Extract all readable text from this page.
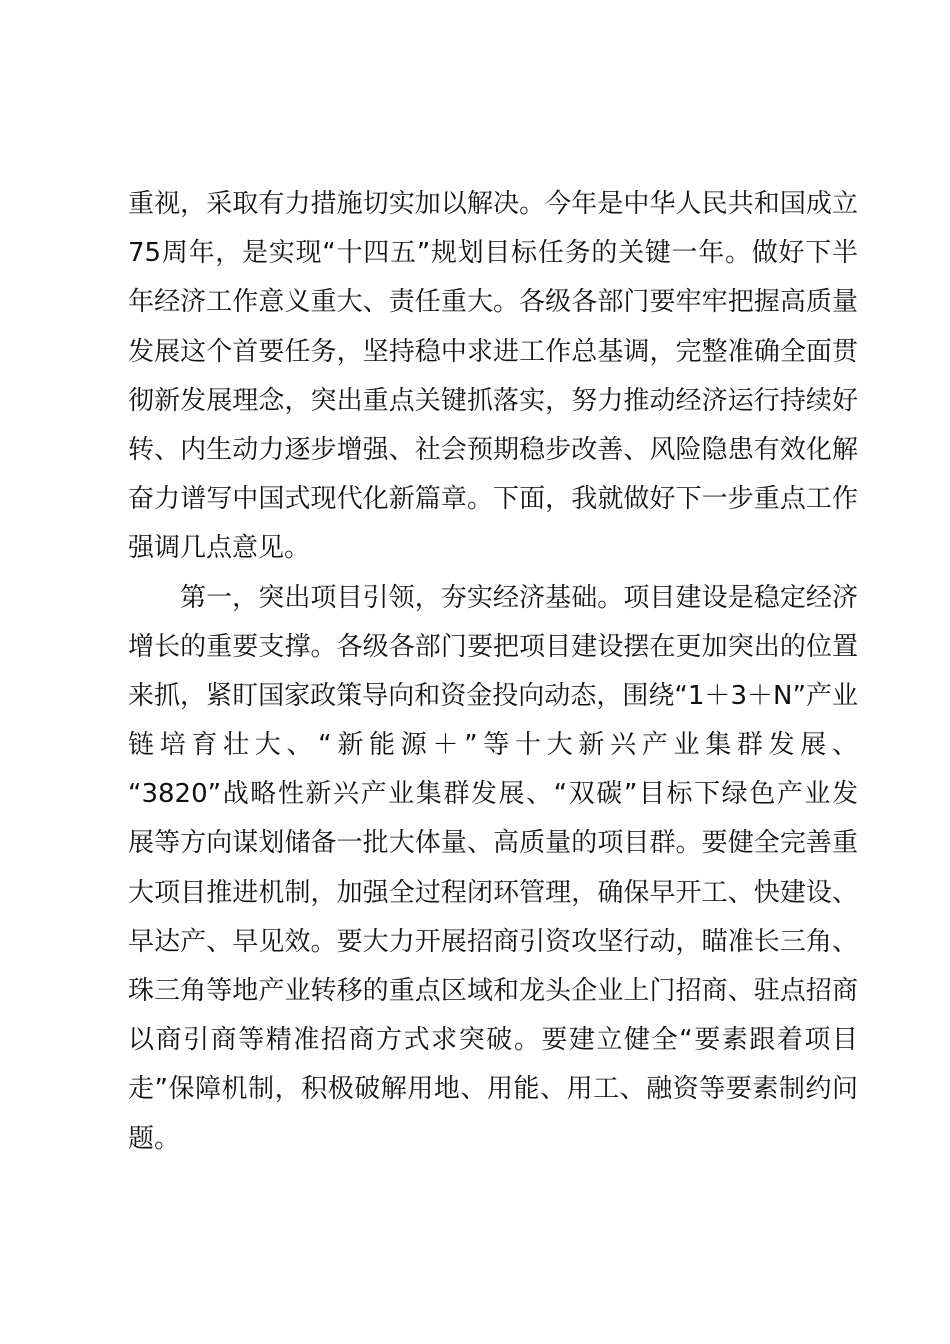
重视，采取有力措施切实加以解决。今年是中华人民共和国成立
75周年，是实现“十四五”规划目标任务的关键一年。做好下半
年经济工作意义重大、责任重大。各级各部门要牢牢把握高质量
发展这个首要任务，坚持稳中求进工作总基调，完整准确全面贯
彻新发展理念，突出重点关键抓落实，努力推动经济运行持续好
转、内生动力逐步增强、社会预期稳步改善、风险隐患有效化解
奋力谱写中国式现代化新篇章。下面，我就做好下一步重点工作
强调几点意见。
第一，突出项目引领，夯实经济基础。项目建设是稳定经济
增长的重要支撑。各级各部门要把项目建设摆在更加突出的位置
来抓，紧盯国家政策导向和资金投向动态，围绕“1＋3＋N”产业
链培育壮大、“新能源＋”等十大新兴产业集群发展、
“3820”战略性新兴产业集群发展、“双碳”目标下绿色产业发
展等方向谋划储备一批大体量、高质量的项目群。要健全完善重
大项目推进机制，加强全过程闭环管理，确保早开工、快建设、
早达产、早见效。要大力开展招商引资攻坚行动，瞄准长三角、
珠三角等地产业转移的重点区域和龙头企业上门招商、驻点招商
以商引商等精准招商方式求突破。要建立健全“要素跟着项目
走”保障机制，积极破解用地、用能、用工、融资等要素制约问
题。
